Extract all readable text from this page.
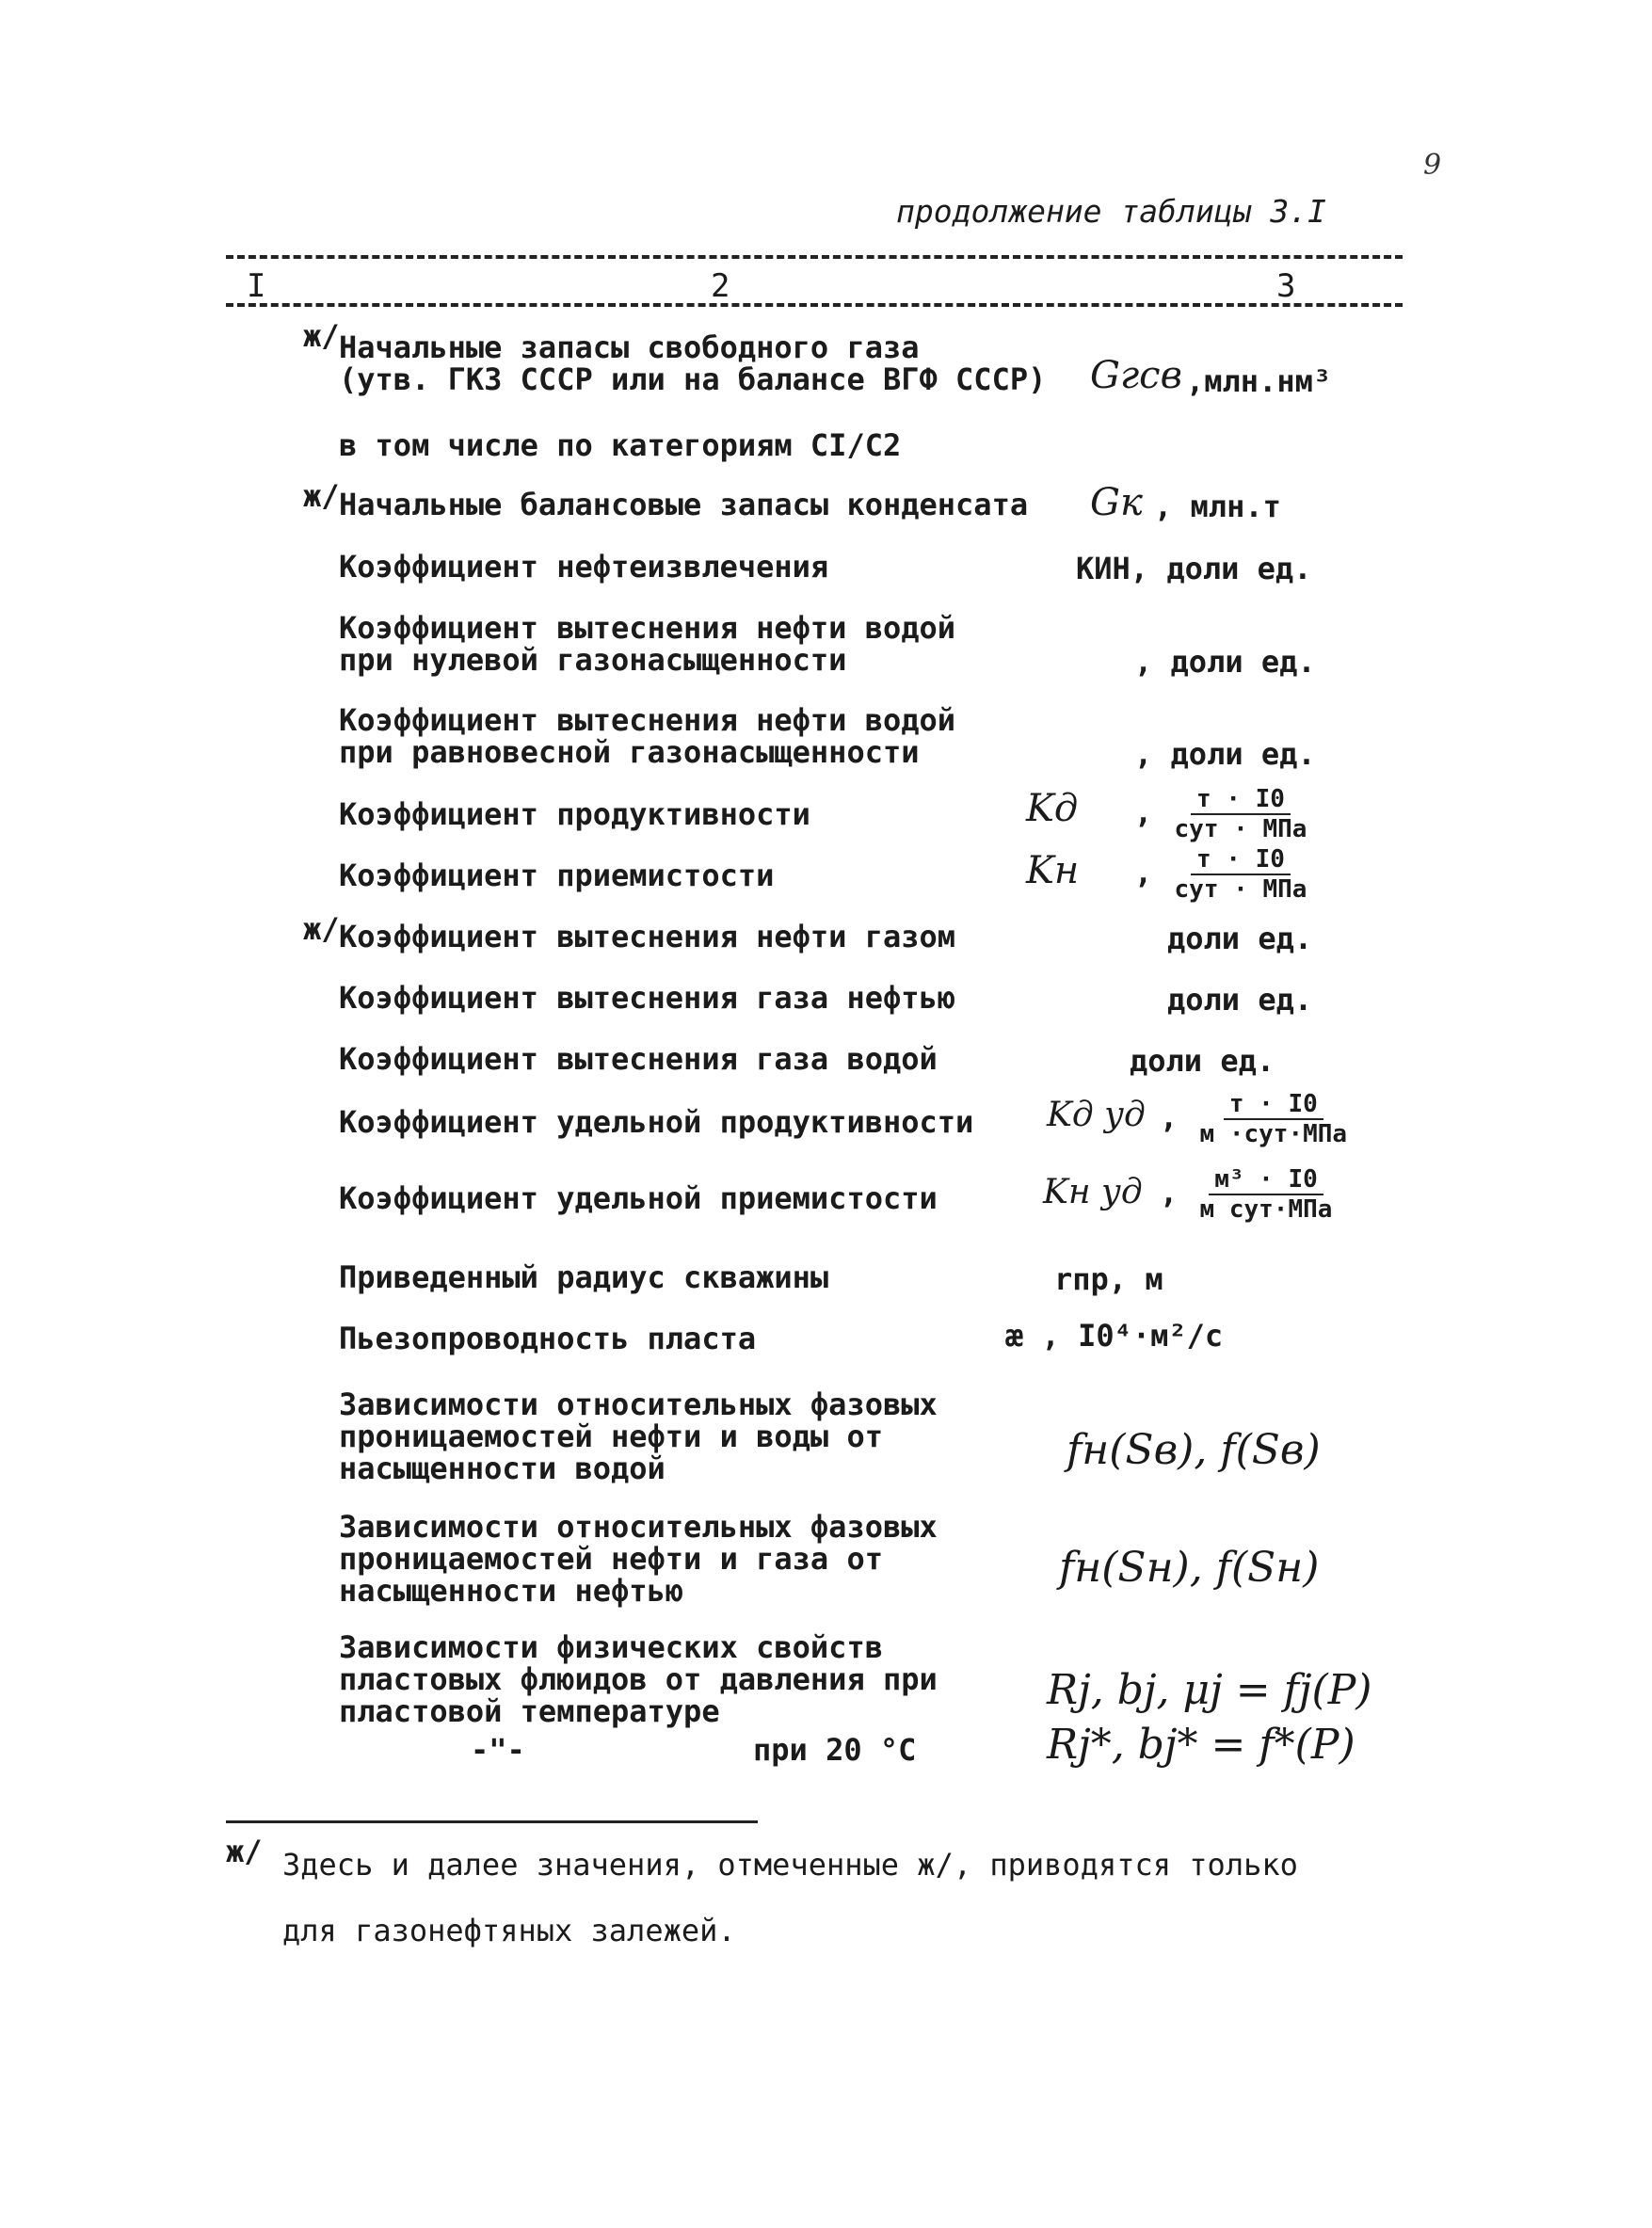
9
продолжение таблицы 3.I
I	2	3
ж/ Начальные запасы свободного газа
(утв. ГКЗ СССР или на балансе ВГФ СССР) Gгсв ,млн.нм³
в том числе по категориям CI/C2
ж/ Начальные балансовые запасы конденсата Gк , млн.т
Коэффициент нефтеизвлечения	КИН, доли ед.
Коэффициент вытеснения нефти водой
при нулевой газонасыщенности	, доли ед.
Коэффициент вытеснения нефти водой
при равновесной газонасыщенности	, доли ед.
Коэффициент продуктивности	Kд , $\frac{т \cdot I0}{\text{сут · МПа}}$
Коэффициент приемистости	Kн , $\frac{т \cdot I0}{\text{сут · МПа}}$
ж/ Коэффициент вытеснения нефти газом	доли ед.
Коэффициент вытеснения газа нефтью	доли ед.
Коэффициент вытеснения газа водой	доли ед.
Коэффициент удельной продуктивности Kд уд , $\frac{т \cdot I0}{\text{м ·сут·МПа}}$
Коэффициент удельной приемистости	Kн уд , $\frac{\text{м³ · I0}}{\text{м сут·МПа}}$
Приведенный радиус скважины	rпр, м
Пьезопроводность пласта	æ , I0⁴·м²/с
Зависимости относительных фазовых
проницаемостей нефти и воды от
насыщенности водой	fн(Sв), f(Sв)
Зависимости относительных фазовых
проницаемостей нефти и газа от
насыщенности нефтью	fн(Sн), f(Sн)
Зависимости физических свойств
пластовых флюидов от давления при
пластовой температуре	Rj, bj, μj = fj(P)
-"-	при 20 °С	Rj*, bj* = f*(P)
ж/ Здесь и далее значения, отмеченные ж/, приводятся только
для газонефтяных залежей.
